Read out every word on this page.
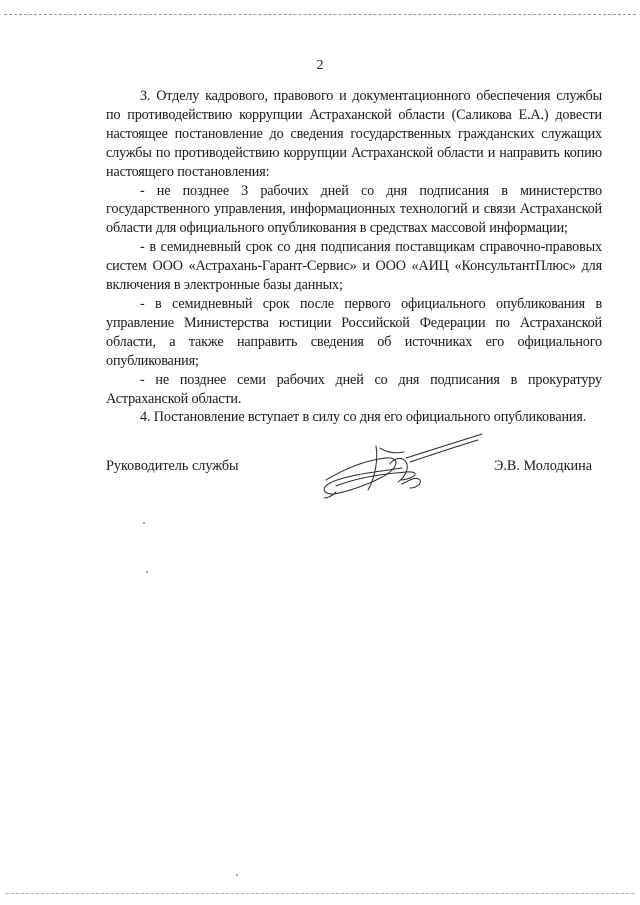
2

3. Отделу кадрового, правового и документационного обеспечения службы по противодействию коррупции Астраханской области (Саликова Е.А.) довести настоящее постановление до сведения государственных гражданских служащих службы по противодействию коррупции Астраханской области и направить копию настоящего постановления:

- не позднее 3 рабочих дней со дня подписания в министерство государственного управления, информационных технологий и связи Астраханской области для официального опубликования в средствах массовой информации;

- в семидневный срок со дня подписания поставщикам справочно-правовых систем ООО «Астрахань-Гарант-Сервис» и ООО «АИЦ «КонсультантПлюс» для включения в электронные базы данных;

- в семидневный срок после первого официального опубликования в управление Министерства юстиции Российской Федерации по Астраханской области, а также направить сведения об источниках его официального опубликования;

- не позднее семи рабочих дней со дня подписания в прокуратуру Астраханской области.

4. Постановление вступает в силу со дня его официального опубликования.

Руководитель службы	Э.В. Молодкина
